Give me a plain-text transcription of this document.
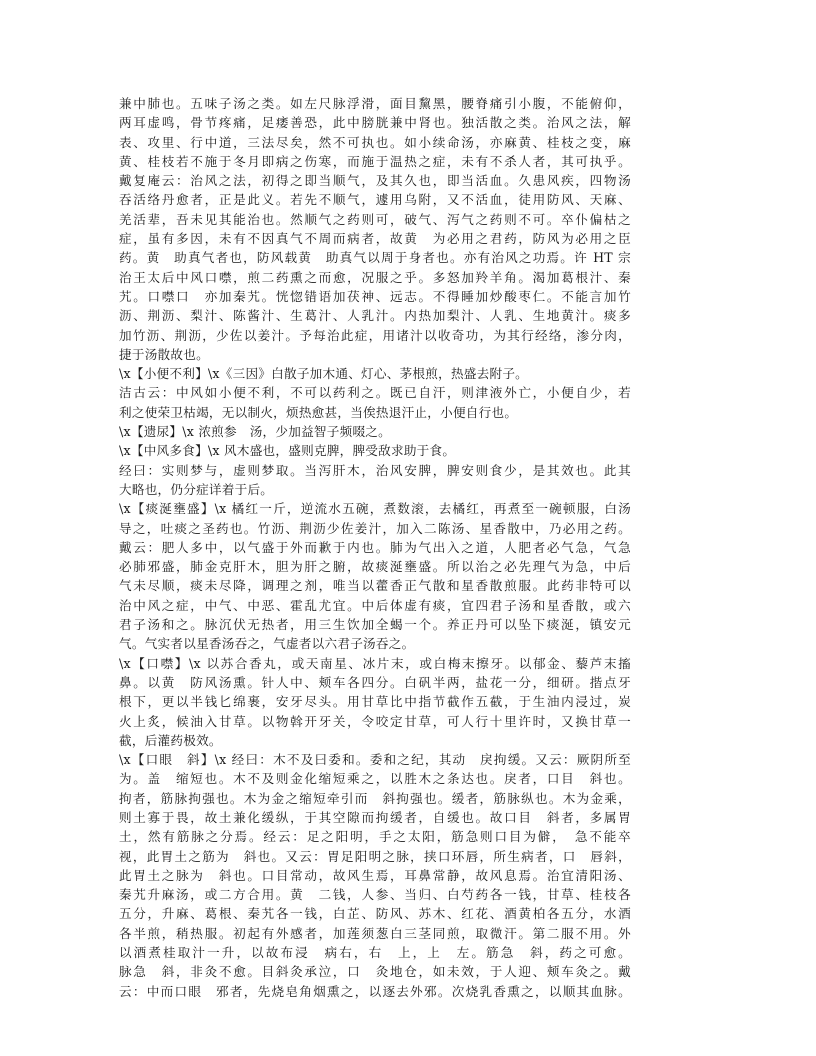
兼中肺也。五味子汤之类。如左尺脉浮滑，面目黧黑，腰脊痛引小腹，不能俯仰，
两耳虚鸣，骨节疼痛，足痿善恐，此中膀胱兼中肾也。独活散之类。治风之法，解
表、攻里、行中道，三法尽矣，然不可执也。如小续命汤，亦麻黄、桂枝之变，麻
黄、桂枝若不施于冬月即病之伤寒，而施于温热之症，未有不杀人者，其可执乎。
戴复庵云：治风之法，初得之即当顺气，及其久也，即当活血。久患风疾，四物汤
吞活络丹愈者，正是此义。若先不顺气，遽用乌附，又不活血，徒用防风、天麻、
羌活辈，吾未见其能治也。然顺气之药则可，破气、泻气之药则不可。卒仆偏枯之
症，虽有多因，未有不因真气不周而病者，故黄　为必用之君药，防风为必用之臣
药。黄　助真气者也，防风载黄　助真气以周于身者也。亦有治风之功焉。许 HT 宗
治王太后中风口噤，煎二药熏之而愈，况服之乎。多怒加羚羊角。渴加葛根汁、秦
艽。口噤口　亦加秦艽。恍惚错语加茯神、远志。不得睡加炒酸枣仁。不能言加竹
沥、荆沥、梨汁、陈酱汁、生葛汁、人乳汁。内热加梨汁、人乳、生地黄汁。痰多
加竹沥、荆沥，少佐以姜汁。予每治此症，用诸汁以收奇功，为其行经络，渗分肉，
捷于汤散故也。
\x【小便不利】\x《三因》白散子加木通、灯心、茅根煎，热盛去附子。
洁古云：中风如小便不利，不可以药利之。既已自汗，则津液外亡，小便自少，若
利之使荣卫枯竭，无以制火，烦热愈甚，当俟热退汗止，小便自行也。
\x【遗尿】\x 浓煎参　汤，少加益智子频啜之。
\x【中风多食】\x 风木盛也，盛则克脾，脾受敌求助于食。
经曰：实则梦与，虚则梦取。当泻肝木，治风安脾，脾安则食少，是其效也。此其
大略也，仍分症详着于后。
\x【痰涎壅盛】\x 橘红一斤，逆流水五碗，煮数滚，去橘红，再煮至一碗顿服，白汤
导之，吐痰之圣药也。竹沥、荆沥少佐姜汁，加入二陈汤、星香散中，乃必用之药。
戴云：肥人多中，以气盛于外而歉于内也。肺为气出入之道，人肥者必气急，气急
必肺邪盛，肺金克肝木，胆为肝之腑，故痰涎壅盛。所以治之必先理气为急，中后
气未尽顺，痰未尽降，调理之剂，唯当以藿香正气散和星香散煎服。此药非特可以
治中风之症，中气、中恶、霍乱尤宜。中后体虚有痰，宜四君子汤和星香散，或六
君子汤和之。脉沉伏无热者，用三生饮加全蝎一个。养正丹可以坠下痰涎，镇安元
气。气实者以星香汤吞之，气虚者以六君子汤吞之。
\x【口噤】\x 以苏合香丸，或天南星、冰片末，或白梅末擦牙。以郁金、藜芦末搐
鼻。以黄　防风汤熏。针人中、颊车各四分。白矾半两，盐花一分，细研。揩点牙
根下，更以半钱匕绵裹，安牙尽头。用甘草比中指节截作五截，于生油内浸过，炭
火上炙，候油入甘草。以物斡开牙关，令咬定甘草，可人行十里许时，又换甘草一
截，后灌药极效。
\x【口眼　斜】\x 经曰：木不及曰委和。委和之纪，其动　戾拘缓。又云：厥阴所至
为。盖　缩短也。木不及则金化缩短乘之，以胜木之条达也。戾者，口目　斜也。
拘者，筋脉拘强也。木为金之缩短牵引而　斜拘强也。缓者，筋脉纵也。木为金乘，
则土寡于畏，故土兼化缓纵，于其空隙而拘缓者，自缓也。故口目　斜者，多属胃
土，然有筋脉之分焉。经云：足之阳明，手之太阳，筋急则口目为僻，　急不能卒
视，此胃土之筋为　斜也。又云：胃足阳明之脉，挟口环唇，所生病者，口　唇斜，
此胃土之脉为　斜也。口目常动，故风生焉，耳鼻常静，故风息焉。治宜清阳汤、
秦艽升麻汤，或二方合用。黄　二钱，人参、当归、白芍药各一钱，甘草、桂枝各
五分，升麻、葛根、秦艽各一钱，白芷、防风、苏木、红花、酒黄柏各五分，水酒
各半煎，稍热服。初起有外感者，加莲须葱白三茎同煎，取微汗。第二服不用。外
以酒煮桂取汁一升，以故布浸　病右，右　上，上　左。筋急　斜，药之可愈。
脉急　斜，非灸不愈。目斜灸承泣，口　灸地仓，如未效，于人迎、颊车灸之。戴
云：中而口眼　邪者，先烧皂角烟熏之，以逐去外邪。次烧乳香熏之，以顺其血脉。
